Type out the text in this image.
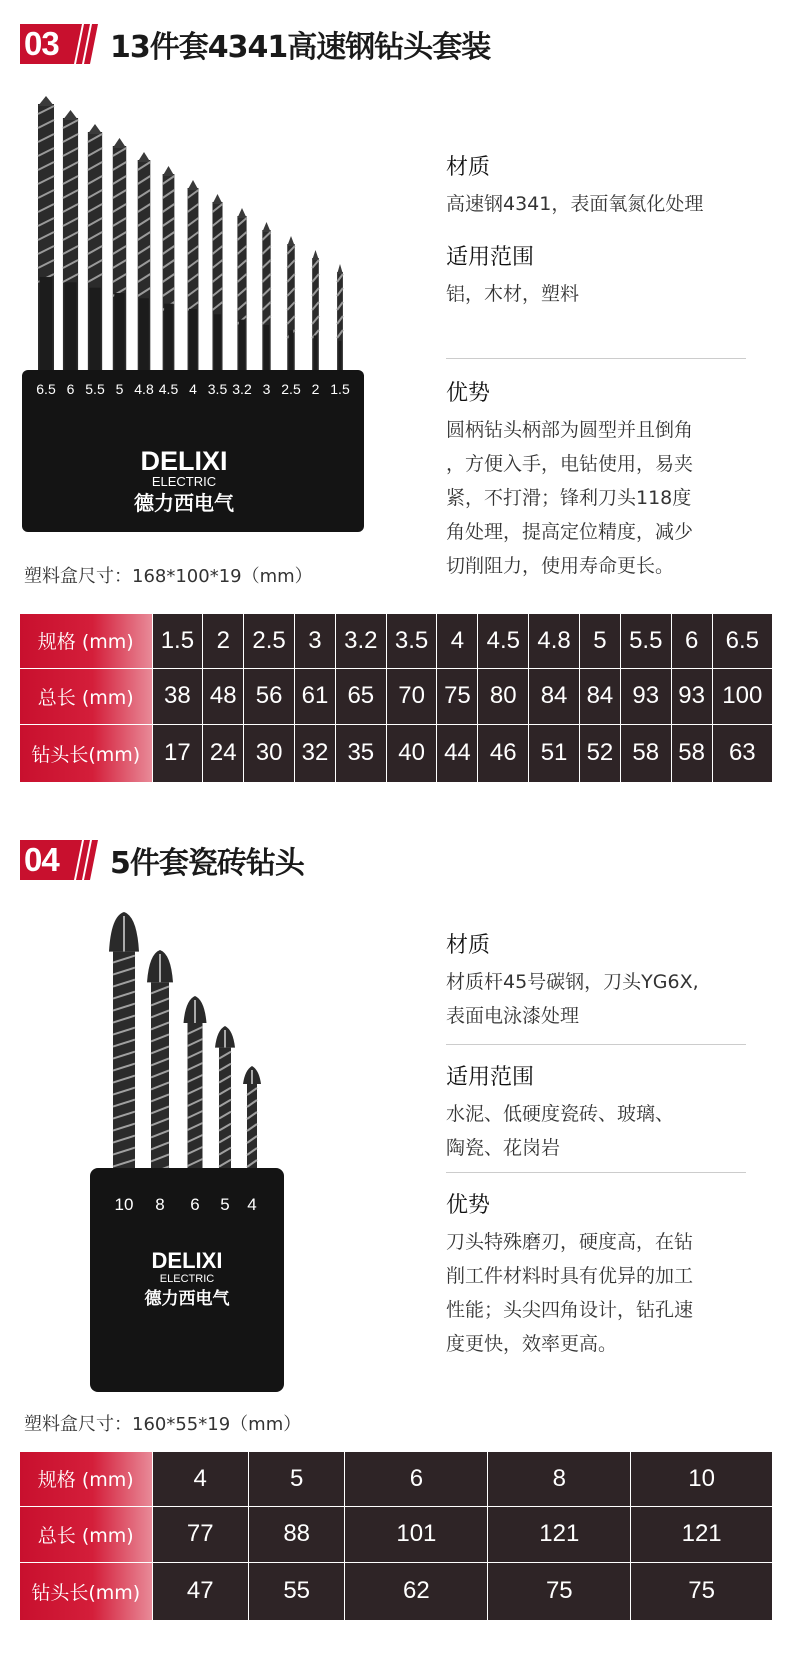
03 13件套4341高速钢钻头套装
6.5 6 5.5 5 4.8 4.5 4 3.5 3.2 3 2.5 2 1.5
DELIXI
ELECTRIC
德力西电气
塑料盒尺寸：168*100*19（mm）
材质
高速钢4341，表面氧氮化处理
适用范围
铝，木材，塑料
优势
圆柄钻头柄部为圆型并且倒角
，方便入手，电钻使用，易夹
紧，不打滑；锋利刀头118度
角处理，提高定位精度，减少
切削阻力，使用寿命更长。
规格 (mm)	1.5	2	2.5	3	3.2	3.5	4	4.5	4.8	5	5.5	6	6.5
总长 (mm)	38	48	56	61	65	70	75	80	84	84	93	93	100
钻头长(mm)	17	24	30	32	35	40	44	46	51	52	58	58	63
04 5件套瓷砖钻头
10 8 6 5 4
DELIXI
ELECTRIC
德力西电气
塑料盒尺寸：160*55*19（mm）
材质
材质杆45号碳钢，刀头YG6X,
表面电泳漆处理
适用范围
水泥、低硬度瓷砖、玻璃、
陶瓷、花岗岩
优势
刀头特殊磨刃，硬度高，在钻
削工件材料时具有优异的加工
性能；头尖四角设计，钻孔速
度更快，效率更高。
规格 (mm)	4	5	6	8	10
总长 (mm)	77	88	101	121	121
钻头长(mm)	47	55	62	75	75
